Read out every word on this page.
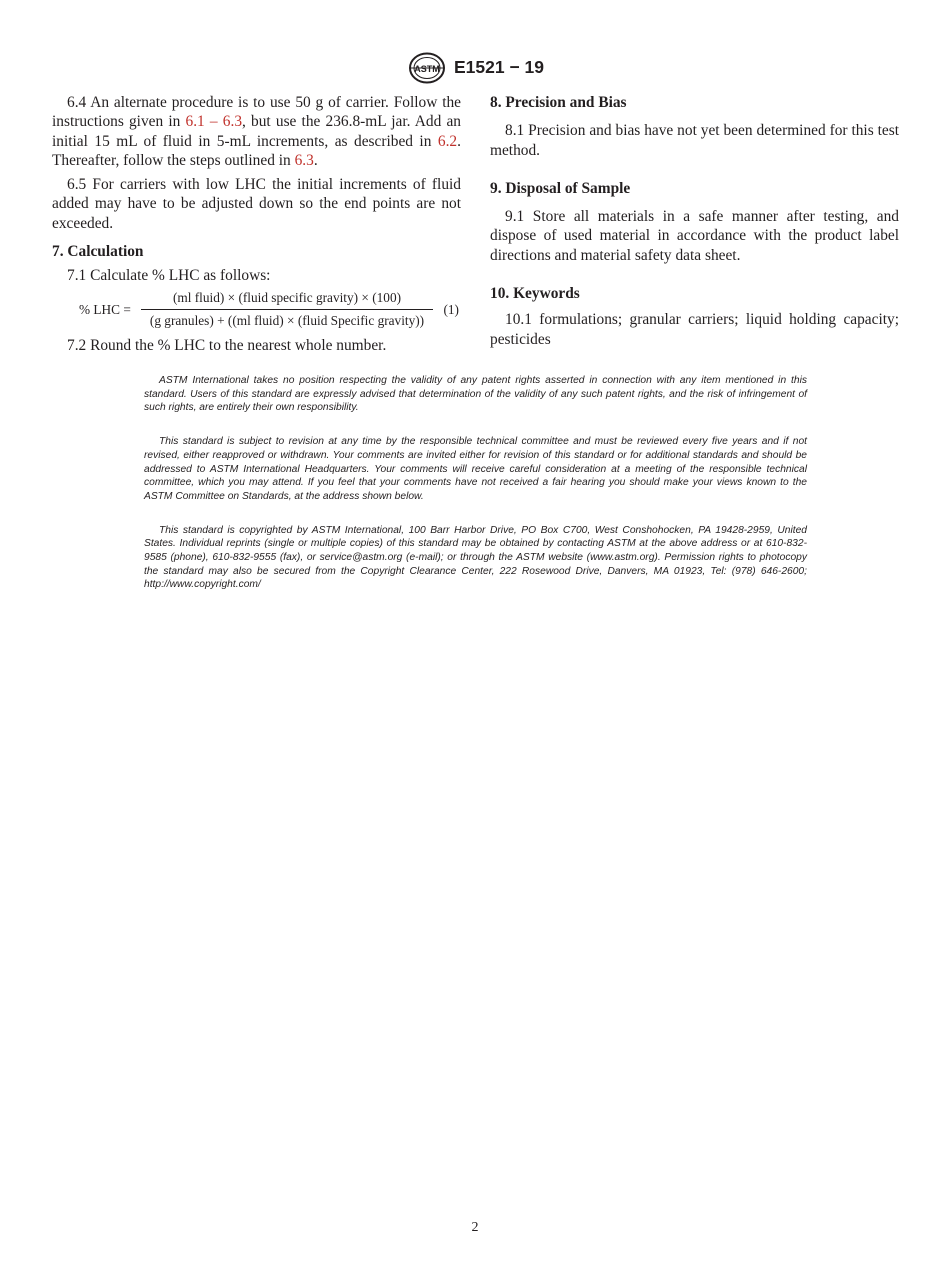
ASTM E1521 − 19

6.4 An alternate procedure is to use 50 g of carrier. Follow the instructions given in 6.1 – 6.3, but use the 236.8-mL jar. Add an initial 15 mL of fluid in 5-mL increments, as described in 6.2. Thereafter, follow the steps outlined in 6.3.

6.5 For carriers with low LHC the initial increments of fluid added may have to be adjusted down so the end points are not exceeded.

7. Calculation

7.1 Calculate % LHC as follows:

% LHC =
(ml fluid) × (fluid specific gravity) × (100)
(g granules) + ((ml fluid) × (fluid Specific gravity))
(1)

7.2 Round the % LHC to the nearest whole number.

8. Precision and Bias

8.1 Precision and bias have not yet been determined for this test method.

9. Disposal of Sample

9.1 Store all materials in a safe manner after testing, and dispose of used material in accordance with the product label directions and material safety data sheet.

10. Keywords

10.1 formulations; granular carriers; liquid holding capacity; pesticides

ASTM International takes no position respecting the validity of any patent rights asserted in connection with any item mentioned in this standard. Users of this standard are expressly advised that determination of the validity of any such patent rights, and the risk of infringement of such rights, are entirely their own responsibility.

This standard is subject to revision at any time by the responsible technical committee and must be reviewed every five years and if not revised, either reapproved or withdrawn. Your comments are invited either for revision of this standard or for additional standards and should be addressed to ASTM International Headquarters. Your comments will receive careful consideration at a meeting of the responsible technical committee, which you may attend. If you feel that your comments have not received a fair hearing you should make your views known to the ASTM Committee on Standards, at the address shown below.

This standard is copyrighted by ASTM International, 100 Barr Harbor Drive, PO Box C700, West Conshohocken, PA 19428-2959, United States. Individual reprints (single or multiple copies) of this standard may be obtained by contacting ASTM at the above address or at 610-832-9585 (phone), 610-832-9555 (fax), or service@astm.org (e-mail); or through the ASTM website (www.astm.org). Permission rights to photocopy the standard may also be secured from the Copyright Clearance Center, 222 Rosewood Drive, Danvers, MA 01923, Tel: (978) 646-2600; http://www.copyright.com/

2
